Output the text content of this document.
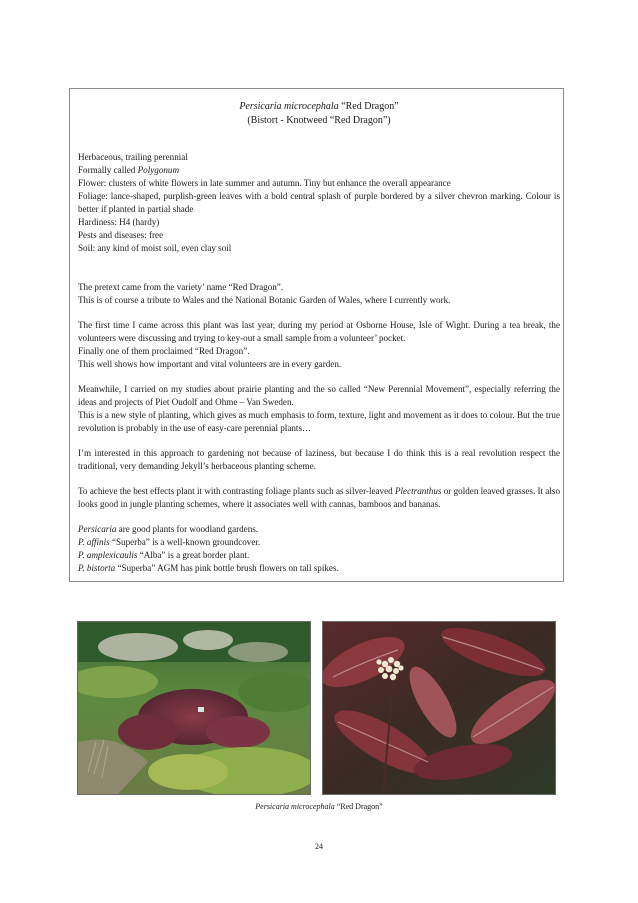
Persicaria microcephala “Red Dragon”
(Bistort - Knotweed “Red Dragon”)

Herbaceous, trailing perennial

Formally called Polygonum

Flower: clusters of white flowers in late summer and autumn. Tiny but enhance the overall appearance

Foliage: lance-shaped, purplish-green leaves with a bold central splash of purple bordered by a silver chevron marking. Colour is better if planted in partial shade

Hardiness: H4 (hardy)

Pests and diseases: free

Soil: any kind of moist soil, even clay soil

The pretext came from the variety’ name “Red Dragon”.

This is of course a tribute to Wales and the National Botanic Garden of Wales, where I currently work.

The first time I came across this plant was last year, during my period at Osborne House, Isle of Wight. During a tea break, the volunteers were discussing and trying to key-out a small sample from a volunteer’ pocket.

Finally one of them proclaimed “Red Dragon”.

This well shows how important and vital volunteers are in every garden.

Meanwhile, I carried on my studies about prairie planting and the so called “New Perennial Movement”, especially referring the ideas and projects of Piet Oudolf and Ohme – Van Sweden.

This is a new style of planting, which gives as much emphasis to form, texture, light and movement as it does to colour. But the true revolution is probably in the use of easy-care perennial plants…

I’m interested in this approach to gardening not because of laziness, but because I do think this is a real revolution respect the traditional, very demanding Jekyll’s herbaceous planting scheme.

To achieve the best effects plant it with contrasting foliage plants such as silver-leaved Plectranthus or golden leaved grasses. It also looks good in jungle planting schemes, where it associates well with cannas, bamboos and bananas.

Persicaria are good plants for woodland gardens.

P. affinis “Superba” is a well-known groundcover.

P. amplexicaulis “Alba” is a great border plant.

P. bistorta “Superba” AGM has pink bottle brush flowers on tall spikes.

Persicaria microcephala “Red Dragon”
24
